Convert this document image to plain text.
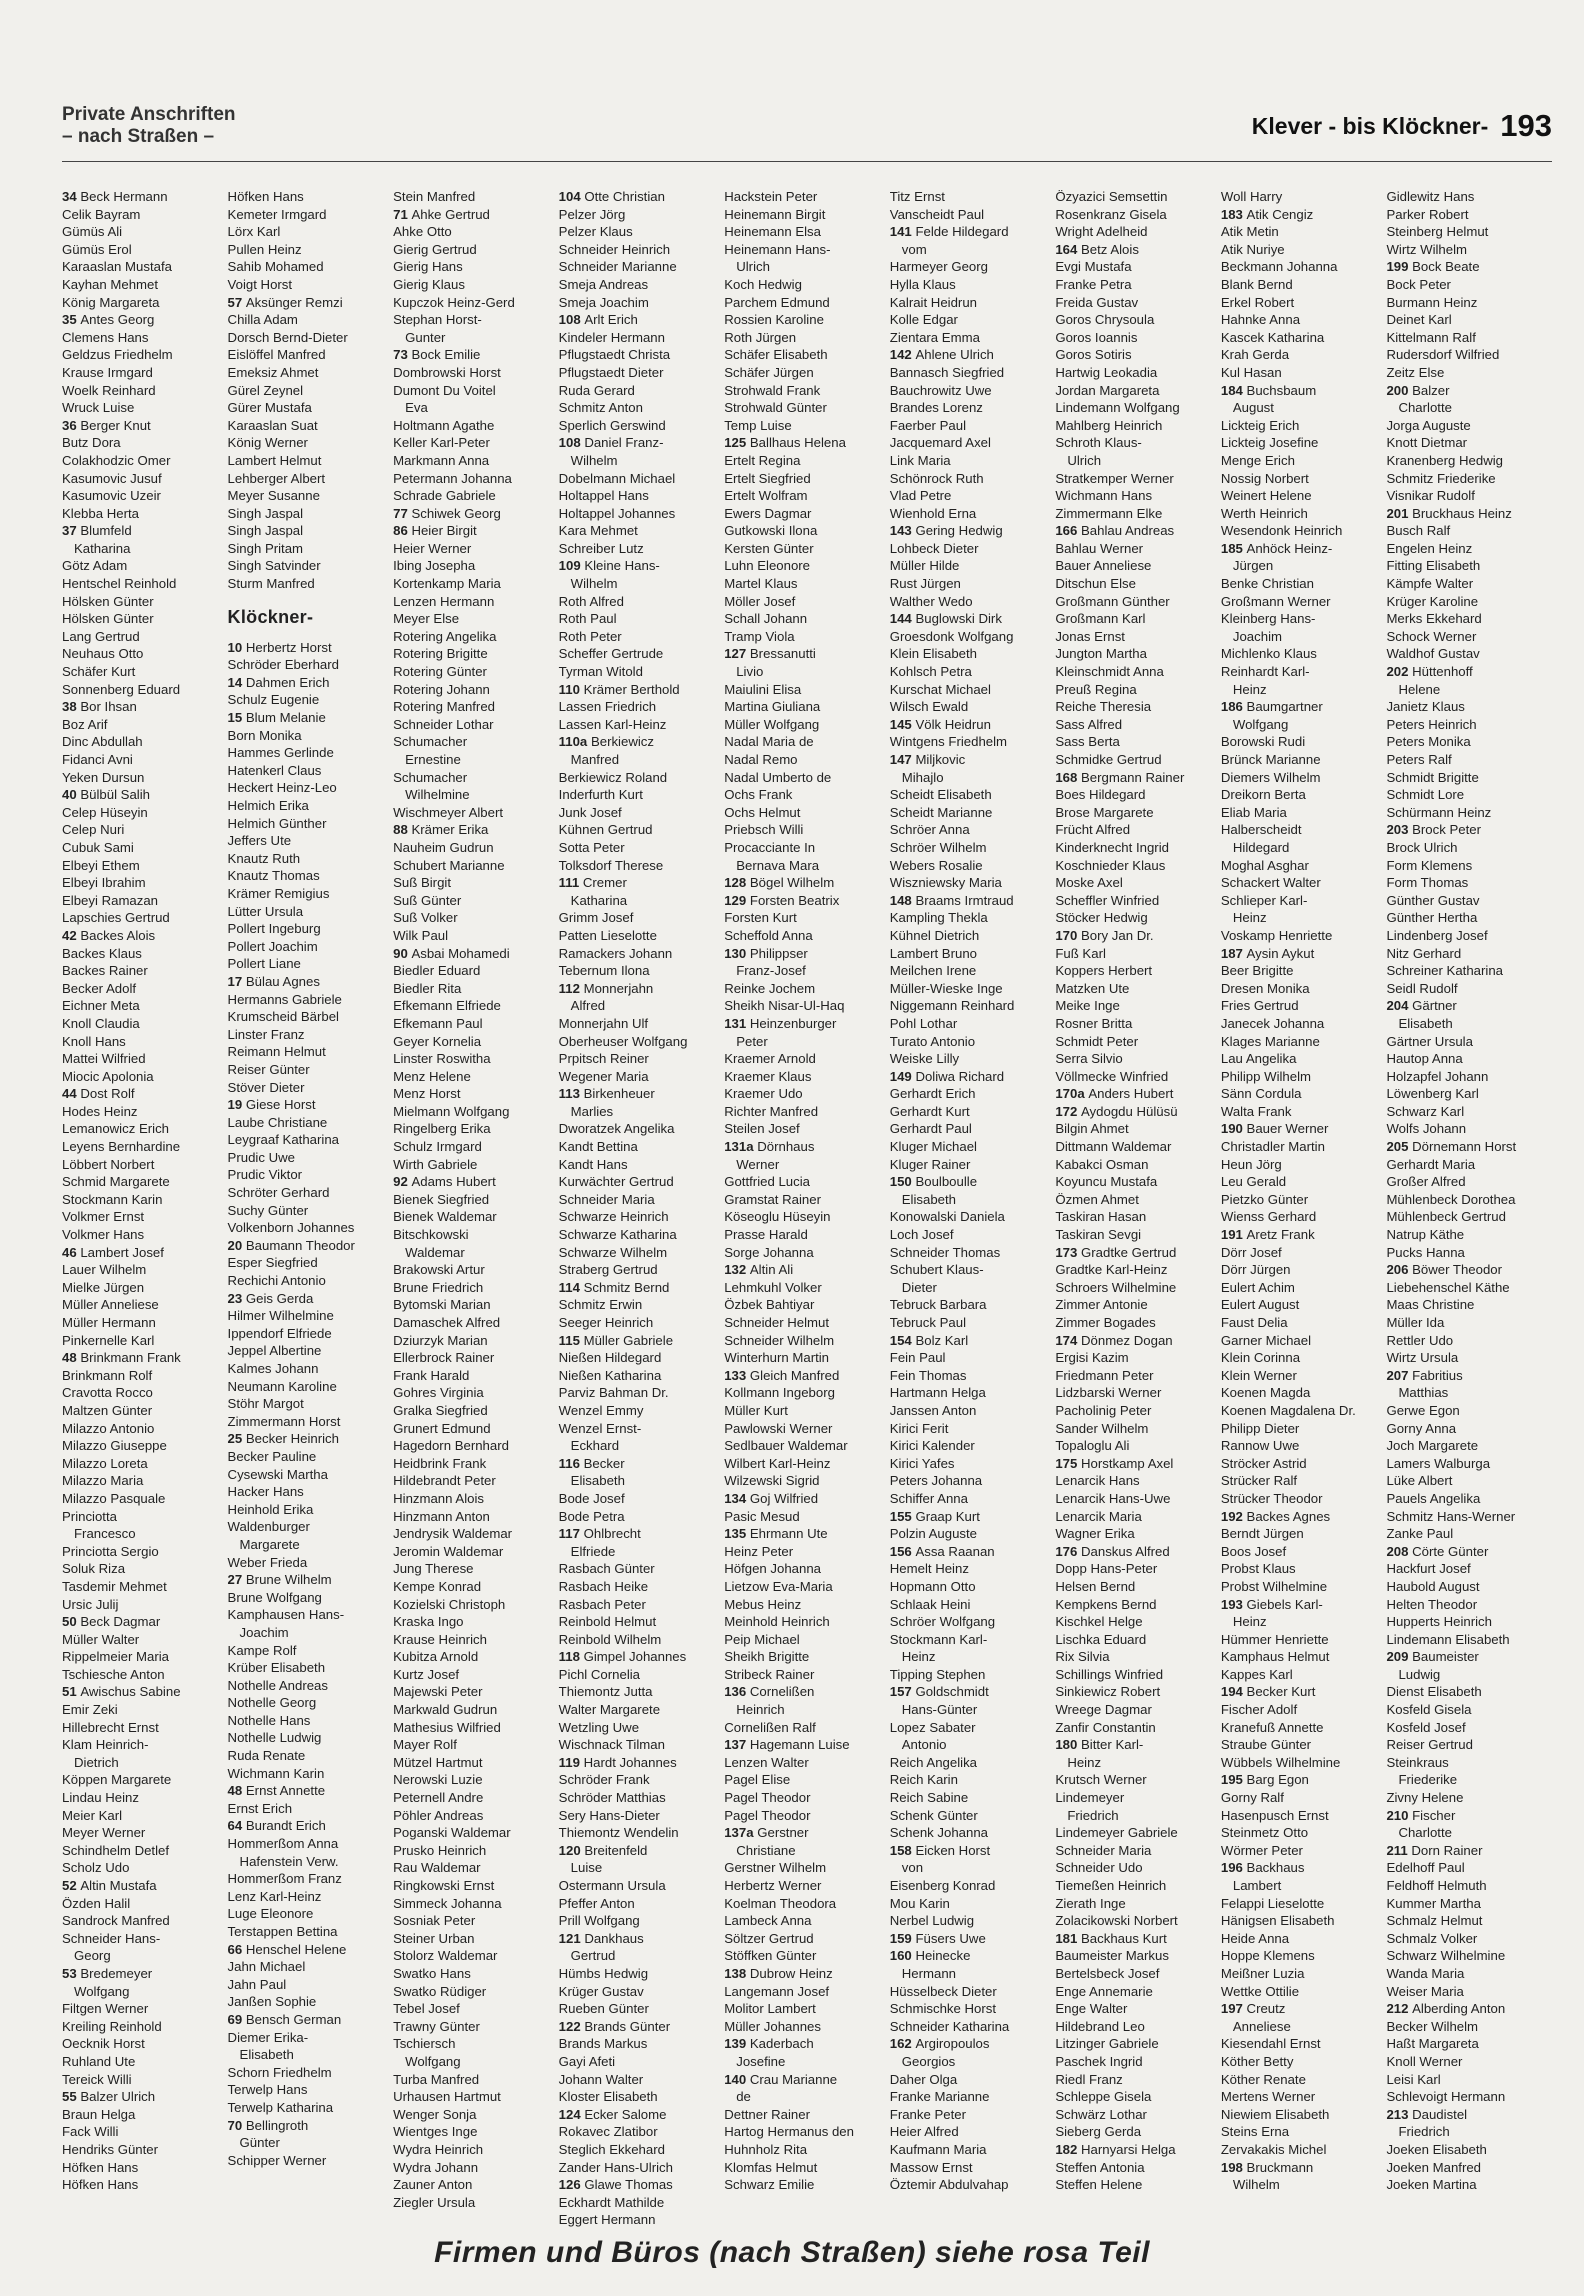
Private Anschriften
– nach Straßen –	Klever - bis Klöckner- 193
34 Beck Hermann
Celik Bayram
Gümüs Ali
Gümüs Erol
Karaaslan Mustafa
Kayhan Mehmet
König Margareta
35 Antes Georg
Clemens Hans
Geldzus Friedhelm
Krause Irmgard
Woelk Reinhard
Wruck Luise
36 Berger Knut
Butz Dora
Colakhodzic Omer
Kasumovic Jusuf
Kasumovic Uzeir
Klebba Herta
37 Blumfeld
Katharina
Götz Adam
Hentschel Reinhold
Hölsken Günter
Hölsken Günter
Lang Gertrud
Neuhaus Otto
Schäfer Kurt
Sonnenberg Eduard
38 Bor Ihsan
Boz Arif
Dinc Abdullah
Fidanci Avni
Yeken Dursun
40 Bülbül Salih
Celep Hüseyin
Celep Nuri
Cubuk Sami
Elbeyi Ethem
Elbeyi Ibrahim
Elbeyi Ramazan
Lapschies Gertrud
42 Backes Alois
Backes Klaus
Backes Rainer
Becker Adolf
Eichner Meta
Knoll Claudia
Knoll Hans
Mattei Wilfried
Miocic Apolonia
44 Dost Rolf
Hodes Heinz
Lemanowicz Erich
Leyens Bernhardine
Löbbert Norbert
Schmid Margarete
Stockmann Karin
Volkmer Ernst
Volkmer Hans
46 Lambert Josef
Lauer Wilhelm
Mielke Jürgen
Müller Anneliese
Müller Hermann
Pinkernelle Karl
48 Brinkmann Frank
Brinkmann Rolf
Cravotta Rocco
Maltzen Günter
Milazzo Antonio
Milazzo Giuseppe
Milazzo Loreta
Milazzo Maria
Milazzo Pasquale
Princiotta
Francesco
Princiotta Sergio
Soluk Riza
Tasdemir Mehmet
Ursic Julij
50 Beck Dagmar
Müller Walter
Rippelmeier Maria
Tschiesche Anton
51 Awischus Sabine
Emir Zeki
Hillebrecht Ernst
Klam Heinrich-
Dietrich
Köppen Margarete
Lindau Heinz
Meier Karl
Meyer Werner
Schindhelm Detlef
Scholz Udo
52 Altin Mustafa
Özden Halil
Sandrock Manfred
Schneider Hans-
Georg
53 Bredemeyer
Wolfgang
Filtgen Werner
Kreiling Reinhold
Oecknik Horst
Ruhland Ute
Tereick Willi
55 Balzer Ulrich
Braun Helga
Fack Willi
Hendriks Günter
Höfken Hans
Höfken Hans
Höfken Hans
Kemeter Irmgard
Lörx Karl
Pullen Heinz
Sahib Mohamed
Voigt Horst
57 Aksünger Remzi
Chilla Adam
Dorsch Bernd-Dieter
Eislöffel Manfred
Emeksiz Ahmet
Gürel Zeynel
Gürer Mustafa
Karaaslan Suat
König Werner
Lambert Helmut
Lehberger Albert
Meyer Susanne
Singh Jaspal
Singh Jaspal
Singh Pritam
Singh Satvinder
Sturm Manfred
Klöckner-
10 Herbertz Horst
Schröder Eberhard
14 Dahmen Erich
Schulz Eugenie
15 Blum Melanie
Born Monika
Hammes Gerlinde
Hatenkerl Claus
Heckert Heinz-Leo
Helmich Erika
Helmich Günther
Jeffers Ute
Knautz Ruth
Knautz Thomas
Krämer Remigius
Lütter Ursula
Pollert Ingeburg
Pollert Joachim
Pollert Liane
17 Bülau Agnes
Hermanns Gabriele
Krumscheid Bärbel
Linster Franz
Reimann Helmut
Reiser Günter
Stöver Dieter
19 Giese Horst
Laube Christiane
Leygraaf Katharina
Prudic Uwe
Prudic Viktor
Schröter Gerhard
Suchy Günter
Volkenborn Johannes
20 Baumann Theodor
Esper Siegfried
Rechichi Antonio
23 Geis Gerda
Hilmer Wilhelmine
Ippendorf Elfriede
Jeppel Albertine
Kalmes Johann
Neumann Karoline
Stöhr Margot
Zimmermann Horst
25 Becker Heinrich
Becker Pauline
Cysewski Martha
Hacker Hans
Heinhold Erika
Waldenburger
Margarete
Weber Frieda
27 Brune Wilhelm
Brune Wolfgang
Kamphausen Hans-
Joachim
Kampe Rolf
Krüber Elisabeth
Nothelle Andreas
Nothelle Georg
Nothelle Hans
Nothelle Ludwig
Ruda Renate
Wichmann Karin
48 Ernst Annette
Ernst Erich
64 Burandt Erich
Hommerßom Anna
Hafenstein Verw.
Hommerßom Franz
Lenz Karl-Heinz
Luge Eleonore
Terstappen Bettina
66 Henschel Helene
Jahn Michael
Jahn Paul
Janßen Sophie
69 Bensch German
Diemer Erika-
Elisabeth
Schorn Friedhelm
Terwelp Hans
Terwelp Katharina
70 Bellingroth
Günter
Schipper Werner
Stein Manfred
71 Ahke Gertrud
Ahke Otto
Gierig Gertrud
Gierig Hans
Gierig Klaus
Kupczok Heinz-Gerd
Stephan Horst-
Gunter
73 Bock Emilie
Dombrowski Horst
Dumont Du Voitel
Eva
Holtmann Agathe
Keller Karl-Peter
Markmann Anna
Petermann Johanna
Schrade Gabriele
77 Schiwek Georg
86 Heier Birgit
Heier Werner
Ibing Josepha
Kortenkamp Maria
Lenzen Hermann
Meyer Else
Rotering Angelika
Rotering Brigitte
Rotering Günter
Rotering Johann
Rotering Manfred
Schneider Lothar
Schumacher
Ernestine
Schumacher
Wilhelmine
Wischmeyer Albert
88 Krämer Erika
Nauheim Gudrun
Schubert Marianne
Suß Birgit
Suß Günter
Suß Volker
Wilk Paul
90 Asbai Mohamedi
Biedler Eduard
Biedler Rita
Efkemann Elfriede
Efkemann Paul
Geyer Kornelia
Linster Roswitha
Menz Helene
Menz Horst
Mielmann Wolfgang
Ringelberg Erika
Schulz Irmgard
Wirth Gabriele
92 Adams Hubert
Bienek Siegfried
Bienek Waldemar
Bitschkowski
Waldemar
Brakowski Artur
Brune Friedrich
Bytomski Marian
Damaschek Alfred
Dziurzyk Marian
Ellerbrock Rainer
Frank Harald
Gohres Virginia
Gralka Siegfried
Grunert Edmund
Hagedorn Bernhard
Heidbrink Frank
Hildebrandt Peter
Hinzmann Alois
Hinzmann Anton
Jendrysik Waldemar
Jeromin Waldemar
Jung Therese
Kempe Konrad
Kozielski Christoph
Kraska Ingo
Krause Heinrich
Kubitza Arnold
Kurtz Josef
Majewski Peter
Markwald Gudrun
Mathesius Wilfried
Mayer Rolf
Mützel Hartmut
Nerowski Luzie
Peternell Andre
Pöhler Andreas
Poganski Waldemar
Prusko Heinrich
Rau Waldemar
Ringkowski Ernst
Simmeck Johanna
Sosniak Peter
Steiner Urban
Stolorz Waldemar
Swatko Hans
Swatko Rüdiger
Tebel Josef
Trawny Günter
Tschiersch
Wolfgang
Turba Manfred
Urhausen Hartmut
Wenger Sonja
Wientges Inge
Wydra Heinrich
Wydra Johann
Zauner Anton
Ziegler Ursula
104 Otte Christian
Pelzer Jörg
Pelzer Klaus
Schneider Heinrich
Schneider Marianne
Smeja Andreas
Smeja Joachim
108 Arlt Erich
Kindeler Hermann
Pflugstaedt Christa
Pflugstaedt Dieter
Ruda Gerard
Schmitz Anton
Sperlich Gerswind
108 Daniel Franz-
Wilhelm
Dobelmann Michael
Holtappel Hans
Holtappel Johannes
Kara Mehmet
Schreiber Lutz
109 Kleine Hans-
Wilhelm
Roth Alfred
Roth Paul
Roth Peter
Scheffer Gertrude
Tyrman Witold
110 Krämer Berthold
Lassen Friedrich
Lassen Karl-Heinz
110a Berkiewicz
Manfred
Berkiewicz Roland
Inderfurth Kurt
Junk Josef
Kühnen Gertrud
Sotta Peter
Tolksdorf Therese
111 Cremer
Katharina
Grimm Josef
Patten Lieselotte
Ramackers Johann
Tebernum Ilona
112 Monnerjahn
Alfred
Monnerjahn Ulf
Oberheuser Wolfgang
Prpitsch Reiner
Wegener Maria
113 Birkenheuer
Marlies
Dworatzek Angelika
Kandt Bettina
Kandt Hans
Kurwächter Gertrud
Schneider Maria
Schwarze Heinrich
Schwarze Katharina
Schwarze Wilhelm
Straberg Gertrud
114 Schmitz Bernd
Schmitz Erwin
Seeger Heinrich
115 Müller Gabriele
Nießen Hildegard
Nießen Katharina
Parviz Bahman Dr.
Wenzel Emmy
Wenzel Ernst-
Eckhard
116 Becker
Elisabeth
Bode Josef
Bode Petra
117 Ohlbrecht
Elfriede
Rasbach Günter
Rasbach Heike
Rasbach Peter
Reinbold Helmut
Reinbold Wilhelm
118 Gimpel Johannes
Pichl Cornelia
Thiemontz Jutta
Walter Margarete
Wetzling Uwe
Wischnack Tilman
119 Hardt Johannes
Schröder Frank
Schröder Matthias
Sery Hans-Dieter
Thiemontz Wendelin
120 Breitenfeld
Luise
Ostermann Ursula
Pfeffer Anton
Prill Wolfgang
121 Dankhaus
Gertrud
Hümbs Hedwig
Krüger Gustav
Rueben Günter
122 Brands Günter
Brands Markus
Gayi Afeti
Johann Walter
Kloster Elisabeth
124 Ecker Salome
Rokavec Zlatibor
Steglich Ekkehard
Zander Hans-Ulrich
126 Glawe Thomas
Eckhardt Mathilde
Eggert Hermann
Hackstein Peter
Heinemann Birgit
Heinemann Elsa
Heinemann Hans-
Ulrich
Koch Hedwig
Parchem Edmund
Rossien Karoline
Roth Jürgen
Schäfer Elisabeth
Schäfer Jürgen
Strohwald Frank
Strohwald Günter
Temp Luise
125 Ballhaus Helena
Ertelt Regina
Ertelt Siegfried
Ertelt Wolfram
Ewers Dagmar
Gutkowski Ilona
Kersten Günter
Luhn Eleonore
Martel Klaus
Möller Josef
Schall Johann
Tramp Viola
127 Bressanutti
Livio
Maiulini Elisa
Martina Giuliana
Müller Wolfgang
Nadal Maria de
Nadal Remo
Nadal Umberto de
Ochs Frank
Ochs Helmut
Priebsch Willi
Procacciante In
Bernava Mara
128 Bögel Wilhelm
129 Forsten Beatrix
Forsten Kurt
Scheffold Anna
130 Philippser
Franz-Josef
Reinke Jochem
Sheikh Nisar-Ul-Haq
131 Heinzenburger
Peter
Kraemer Arnold
Kraemer Klaus
Kraemer Udo
Richter Manfred
Steilen Josef
131a Dörnhaus
Werner
Gottfried Lucia
Gramstat Rainer
Köseoglu Hüseyin
Prasse Harald
Sorge Johanna
132 Altin Ali
Lehmkuhl Volker
Özbek Bahtiyar
Schneider Helmut
Schneider Wilhelm
Winterhurn Martin
133 Gleich Manfred
Kollmann Ingeborg
Müller Kurt
Pawlowski Werner
Sedlbauer Waldemar
Wilbert Karl-Heinz
Wilzewski Sigrid
134 Goj Wilfried
Pasic Mesud
135 Ehrmann Ute
Heinz Peter
Höfgen Johanna
Lietzow Eva-Maria
Mebus Heinz
Meinhold Heinrich
Peip Michael
Sheikh Brigitte
Stribeck Rainer
136 Cornelißen
Heinrich
Cornelißen Ralf
137 Hagemann Luise
Lenzen Walter
Pagel Elise
Pagel Theodor
Pagel Theodor
137a Gerstner
Christiane
Gerstner Wilhelm
Herbertz Werner
Koelman Theodora
Lambeck Anna
Söltzer Gertrud
Stöffken Günter
138 Dubrow Heinz
Langemann Josef
Molitor Lambert
Müller Johannes
139 Kaderbach
Josefine
140 Crau Marianne
de
Dettner Rainer
Hartog Hermanus den
Huhnholz Rita
Klomfas Helmut
Schwarz Emilie
Titz Ernst
Vanscheidt Paul
141 Felde Hildegard
vom
Harmeyer Georg
Hylla Klaus
Kalrait Heidrun
Kolle Edgar
Zientara Emma
142 Ahlene Ulrich
Bannasch Siegfried
Bauchrowitz Uwe
Brandes Lorenz
Faerber Paul
Jacquemard Axel
Link Maria
Schönrock Ruth
Vlad Petre
Wienhold Erna
143 Gering Hedwig
Lohbeck Dieter
Müller Hilde
Rust Jürgen
Walther Wedo
144 Buglowski Dirk
Groesdonk Wolfgang
Klein Elisabeth
Kohlsch Petra
Kurschat Michael
Wilsch Ewald
145 Völk Heidrun
Wintgens Friedhelm
147 Miljkovic
Mihajlo
Scheidt Elisabeth
Scheidt Marianne
Schröer Anna
Schröer Wilhelm
Webers Rosalie
Wiszniewsky Maria
148 Braams Irmtraud
Kampling Thekla
Kühnel Dietrich
Lambert Bruno
Meilchen Irene
Müller-Wieske Inge
Niggemann Reinhard
Pohl Lothar
Turato Antonio
Weiske Lilly
149 Doliwa Richard
Gerhardt Erich
Gerhardt Kurt
Gerhardt Paul
Kluger Michael
Kluger Rainer
150 Boulboulle
Elisabeth
Konowalski Daniela
Loch Josef
Schneider Thomas
Schubert Klaus-
Dieter
Tebruck Barbara
Tebruck Paul
154 Bolz Karl
Fein Paul
Fein Thomas
Hartmann Helga
Janssen Anton
Kirici Ferit
Kirici Kalender
Kirici Yafes
Peters Johanna
Schiffer Anna
155 Graap Kurt
Polzin Auguste
156 Assa Raanan
Hemelt Heinz
Hopmann Otto
Schlaak Heini
Schröer Wolfgang
Stockmann Karl-
Heinz
Tipping Stephen
157 Goldschmidt
Hans-Günter
Lopez Sabater
Antonio
Reich Angelika
Reich Karin
Reich Sabine
Schenk Günter
Schenk Johanna
158 Eicken Horst
von
Eisenberg Konrad
Mou Karin
Nerbel Ludwig
159 Füsers Uwe
160 Heinecke
Hermann
Hüsselbeck Dieter
Schmischke Horst
Schneider Katharina
162 Argiropoulos
Georgios
Daher Olga
Franke Marianne
Franke Peter
Heier Alfred
Kaufmann Maria
Massow Ernst
Öztemir Abdulvahap
Özyazici Semsettin
Rosenkranz Gisela
Wright Adelheid
164 Betz Alois
Evgi Mustafa
Franke Petra
Freida Gustav
Goros Chrysoula
Goros Ioannis
Goros Sotiris
Hartwig Leokadia
Jordan Margareta
Lindemann Wolfgang
Mahlberg Heinrich
Schroth Klaus-
Ulrich
Stratkemper Werner
Wichmann Hans
Zimmermann Elke
166 Bahlau Andreas
Bahlau Werner
Bauer Anneliese
Ditschun Else
Großmann Günther
Großmann Karl
Jonas Ernst
Jungton Martha
Kleinschmidt Anna
Preuß Regina
Reiche Theresia
Sass Alfred
Sass Berta
Schmidke Gertrud
168 Bergmann Rainer
Boes Hildegard
Brose Margarete
Frücht Alfred
Kinderknecht Ingrid
Koschnieder Klaus
Moske Axel
Scheffler Winfried
Stöcker Hedwig
170 Bory Jan Dr.
Fuß Karl
Koppers Herbert
Matzken Ute
Meike Inge
Rosner Britta
Schmidt Peter
Serra Silvio
Völlmecke Winfried
170a Anders Hubert
172 Aydogdu Hülüsü
Bilgin Ahmet
Dittmann Waldemar
Kabakci Osman
Koyuncu Mustafa
Özmen Ahmet
Taskiran Hasan
Taskiran Sevgi
173 Gradtke Gertrud
Gradtke Karl-Heinz
Schroers Wilhelmine
Zimmer Antonie
Zimmer Bogades
174 Dönmez Dogan
Ergisi Kazim
Friedmann Peter
Lidzbarski Werner
Pacholinig Peter
Sander Wilhelm
Topaloglu Ali
175 Horstkamp Axel
Lenarcik Hans
Lenarcik Hans-Uwe
Lenarcik Maria
Wagner Erika
176 Danskus Alfred
Dopp Hans-Peter
Helsen Bernd
Kempkens Bernd
Kischkel Helge
Lischka Eduard
Rix Silvia
Schillings Winfried
Sinkiewicz Robert
Wreege Dagmar
Zanfir Constantin
180 Bitter Karl-
Heinz
Krutsch Werner
Lindemeyer
Friedrich
Lindemeyer Gabriele
Schneider Maria
Schneider Udo
Tiemeßen Heinrich
Zierath Inge
Zolacikowski Norbert
181 Backhaus Kurt
Baumeister Markus
Bertelsbeck Josef
Enge Annemarie
Enge Walter
Hildebrand Leo
Litzinger Gabriele
Paschek Ingrid
Riedl Franz
Schleppe Gisela
Schwärz Lothar
Sieberg Gerda
182 Harnyarsi Helga
Steffen Antonia
Steffen Helene
Woll Harry
183 Atik Cengiz
Atik Metin
Atik Nuriye
Beckmann Johanna
Blank Bernd
Erkel Robert
Hahnke Anna
Kascek Katharina
Krah Gerda
Kul Hasan
184 Buchsbaum
August
Lickteig Erich
Lickteig Josefine
Menge Erich
Nossig Norbert
Weinert Helene
Werth Heinrich
Wesendonk Heinrich
185 Anhöck Heinz-
Jürgen
Benke Christian
Großmann Werner
Kleinberg Hans-
Joachim
Michlenko Klaus
Reinhardt Karl-
Heinz
186 Baumgartner
Wolfgang
Borowski Rudi
Brünck Marianne
Diemers Wilhelm
Dreikorn Berta
Eliab Maria
Halberscheidt
Hildegard
Moghal Asghar
Schackert Walter
Schlieper Karl-
Heinz
Voskamp Henriette
187 Aysin Aykut
Beer Brigitte
Dresen Monika
Fries Gertrud
Janecek Johanna
Klages Marianne
Lau Angelika
Philipp Wilhelm
Sänn Cordula
Walta Frank
190 Bauer Werner
Christadler Martin
Heun Jörg
Leu Gerald
Pietzko Günter
Wienss Gerhard
191 Aretz Frank
Dörr Josef
Dörr Jürgen
Eulert Achim
Eulert August
Faust Delia
Garner Michael
Klein Corinna
Klein Werner
Koenen Magda
Koenen Magdalena Dr.
Philipp Dieter
Rannow Uwe
Ströcker Astrid
Strücker Ralf
Strücker Theodor
192 Backes Agnes
Berndt Jürgen
Boos Josef
Probst Klaus
Probst Wilhelmine
193 Giebels Karl-
Heinz
Hümmer Henriette
Kamphaus Helmut
Kappes Karl
194 Becker Kurt
Fischer Adolf
Kranefuß Annette
Straube Günter
Wübbels Wilhelmine
195 Barg Egon
Gorny Ralf
Hasenpusch Ernst
Steinmetz Otto
Wörmer Peter
196 Backhaus
Lambert
Felappi Lieselotte
Hänigsen Elisabeth
Heide Anna
Hoppe Klemens
Meißner Luzia
Wettke Ottilie
197 Creutz
Anneliese
Kiesendahl Ernst
Köther Betty
Köther Renate
Mertens Werner
Niewiem Elisabeth
Steins Erna
Zervakakis Michel
198 Bruckmann
Wilhelm
Gidlewitz Hans
Parker Robert
Steinberg Helmut
Wirtz Wilhelm
199 Bock Beate
Bock Peter
Burmann Heinz
Deinet Karl
Kittelmann Ralf
Rudersdorf Wilfried
Zeitz Else
200 Balzer
Charlotte
Jorga Auguste
Knott Dietmar
Kranenberg Hedwig
Schmitz Friederike
Visnikar Rudolf
201 Bruckhaus Heinz
Busch Ralf
Engelen Heinz
Fitting Elisabeth
Kämpfe Walter
Krüger Karoline
Merks Ekkehard
Schock Werner
Waldhof Gustav
202 Hüttenhoff
Helene
Janietz Klaus
Peters Heinrich
Peters Monika
Peters Ralf
Schmidt Brigitte
Schmidt Lore
Schürmann Heinz
203 Brock Peter
Brock Ulrich
Form Klemens
Form Thomas
Günther Gustav
Günther Hertha
Lindenberg Josef
Nitz Gerhard
Schreiner Katharina
Seidl Rudolf
204 Gärtner
Elisabeth
Gärtner Ursula
Hautop Anna
Holzapfel Johann
Löwenberg Karl
Schwarz Karl
Wolfs Johann
205 Dörnemann Horst
Gerhardt Maria
Großer Alfred
Mühlenbeck Dorothea
Mühlenbeck Gertrud
Natrup Käthe
Pucks Hanna
206 Böwer Theodor
Liebehenschel Käthe
Maas Christine
Müller Ida
Rettler Udo
Wirtz Ursula
207 Fabritius
Matthias
Gerwe Egon
Gorny Anna
Joch Margarete
Lamers Walburga
Lüke Albert
Pauels Angelika
Schmitz Hans-Werner
Zanke Paul
208 Cörte Günter
Hackfurt Josef
Haubold August
Helten Theodor
Hupperts Heinrich
Lindemann Elisabeth
209 Baumeister
Ludwig
Dienst Elisabeth
Kosfeld Gisela
Kosfeld Josef
Reiser Gertrud
Steinkraus
Friederike
Zivny Helene
210 Fischer
Charlotte
211 Dorn Rainer
Edelhoff Paul
Feldhoff Helmuth
Kummer Martha
Schmalz Helmut
Schmalz Volker
Schwarz Wilhelmine
Wanda Maria
Weiser Maria
212 Alberding Anton
Becker Wilhelm
Haßt Margareta
Knoll Werner
Leisi Karl
Schlevoigt Hermann
213 Daudistel
Friedrich
Joeken Elisabeth
Joeken Manfred
Joeken Martina
Firmen und Büros (nach Straßen) siehe rosa Teil
